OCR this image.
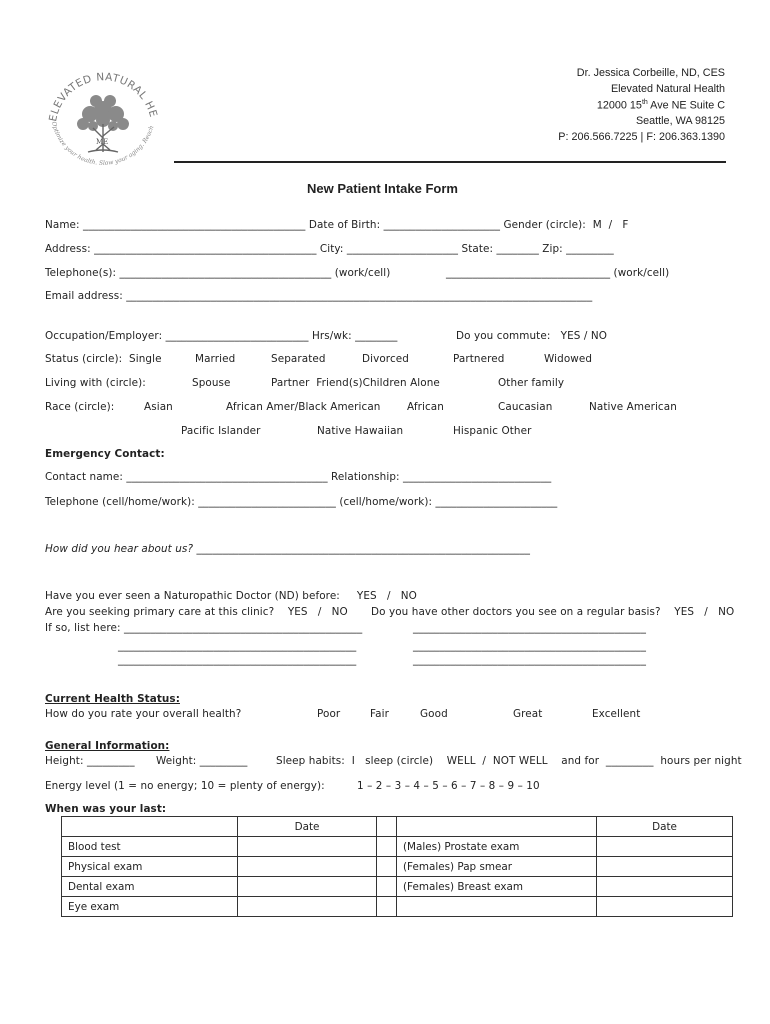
ELEVATED NATURAL HE
Optimize your health. Slow your aging. Reach
ME
Dr. Jessica Corbeille, ND, CES
Elevated Natural Health
12000 15th Ave NE Suite C
Seattle, WA 98125
P: 206.566.7225 | F: 206.363.1390
New Patient Intake Form
Name: __________________________________________ Date of Birth: ______________________ Gender (circle):  M  /   F
Address: __________________________________________ City: _____________________ State: ________ Zip: _________
Telephone(s): ________________________________________ (work/cell)	_______________________________ (work/cell)
Email address: ________________________________________________________________________________________
Occupation/Employer: ___________________________ Hrs/wk: ________	Do you commute:   YES / NO
Status (circle):  Single	Married	Separated	Divorced	Partnered	Widowed
Living with (circle):	Spouse	Partner  Friend(s)Children Alone	Other family
Race (circle):	Asian	African Amer/Black American	African	Caucasian	Native American
Pacific Islander	Native Hawaiian	Hispanic Other
Emergency Contact:
Contact name: ______________________________________ Relationship: ____________________________
Telephone (cell/home/work): __________________________ (cell/home/work): _______________________
How did you hear about us? _______________________________________________________________
Have you ever seen a Naturopathic Doctor (ND) before:     YES   /   NO
Are you seeking primary care at this clinic?    YES   /   NO Do you have other doctors you see on a regular basis?    YES   /   NO
If so, list here: _____________________________________________	____________________________________________
_____________________________________________	____________________________________________
_____________________________________________	____________________________________________
Current Health Status:
How do you rate your overall health?	Poor	Fair	Good	Great	Excellent
General Information:
Height: _________ Weight: _________	Sleep habits:  I   sleep (circle)    WELL  /  NOT WELL    and for  _________  hours per night
Energy level (1 = no energy; 10 = plenty of energy):	1 – 2 – 3 – 4 – 5 – 6 – 7 – 8 – 9 – 10
When was your last:
	Date			Date
Blood test			(Males) Prostate exam	
Physical exam			(Females) Pap smear	
Dental exam			(Females) Breast exam	
Eye exam				
